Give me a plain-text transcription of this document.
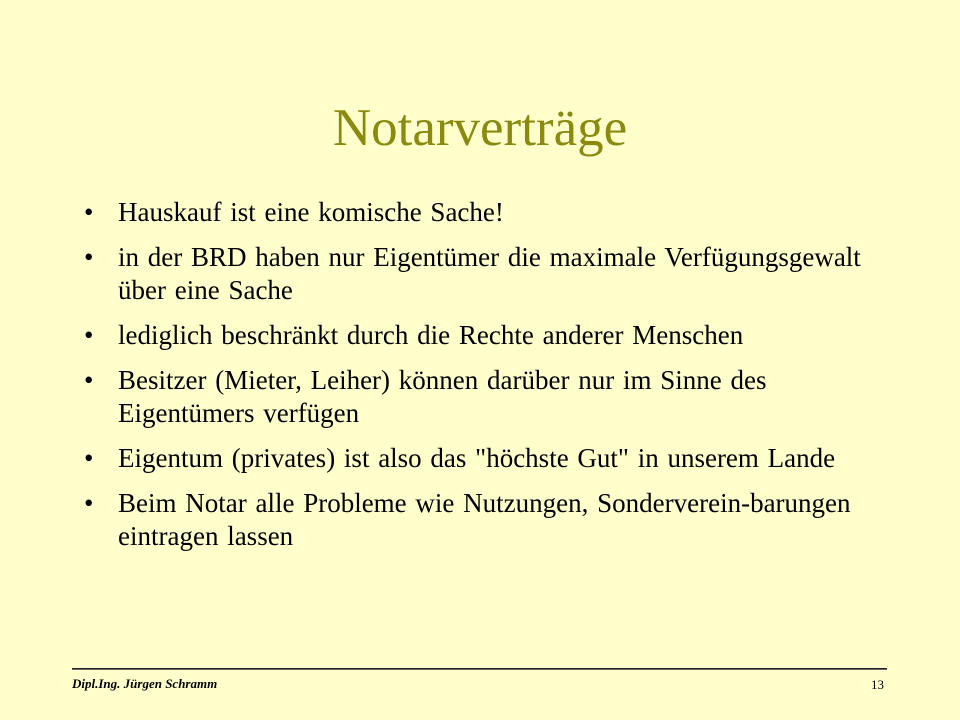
Notarverträge
• Hauskauf ist eine komische Sache!
• in der BRD haben nur Eigentümer die maximale Verfügungsgewalt über eine Sache
• lediglich beschränkt durch die Rechte anderer Menschen
• Besitzer (Mieter, Leiher) können darüber nur im Sinne des Eigentümers verfügen
• Eigentum (privates) ist also das "höchste Gut" in unserem Lande
• Beim Notar alle Probleme wie Nutzungen, Sonderverein-barungen eintragen lassen
Dipl.Ing. Jürgen Schramm	13
